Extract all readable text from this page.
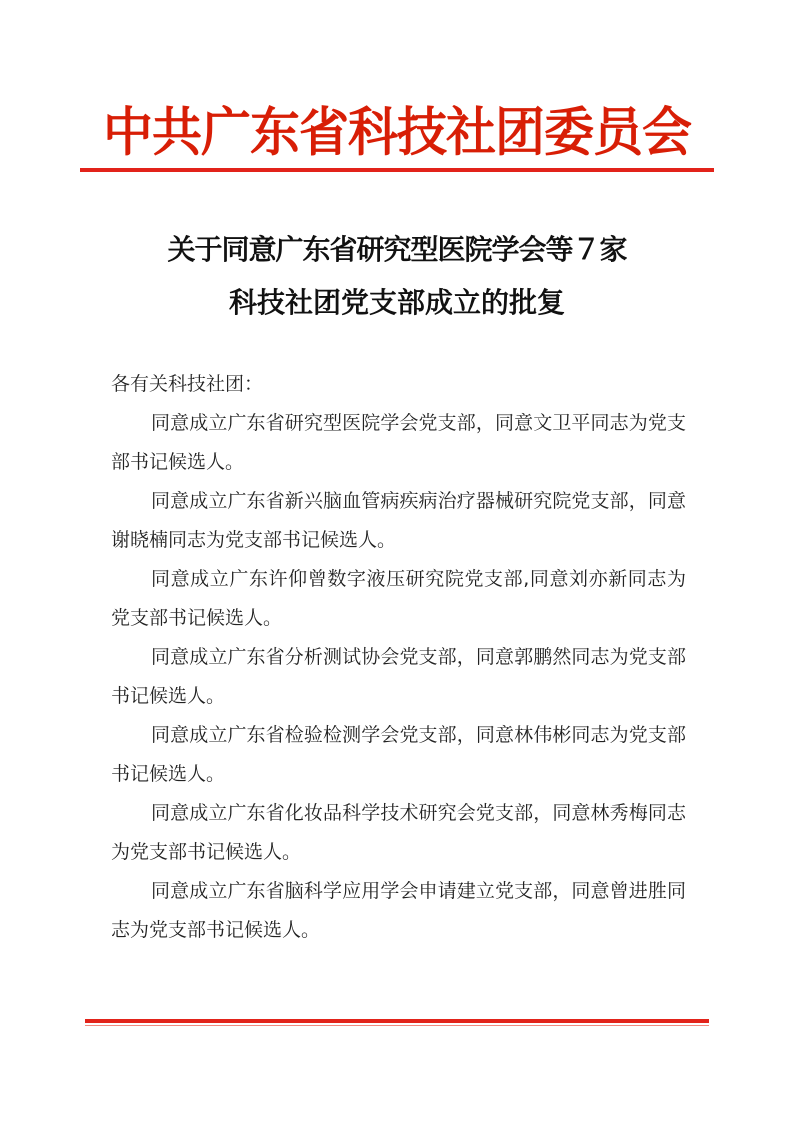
中共广东省科技社团委员会
关于同意广东省研究型医院学会等７家
科技社团党支部成立的批复

各有关科技社团：

同意成立广东省研究型医院学会党支部，同意文卫平同志为党支部书记候选人。

同意成立广东省新兴脑血管病疾病治疗器械研究院党支部，同意谢晓楠同志为党支部书记候选人。

同意成立广东许仰曾数字液压研究院党支部,同意刘亦新同志为党支部书记候选人。

同意成立广东省分析测试协会党支部，同意郭鹏然同志为党支部书记候选人。

同意成立广东省检验检测学会党支部，同意林伟彬同志为党支部书记候选人。

同意成立广东省化妆品科学技术研究会党支部，同意林秀梅同志为党支部书记候选人。

同意成立广东省脑科学应用学会申请建立党支部，同意曾进胜同志为党支部书记候选人。
